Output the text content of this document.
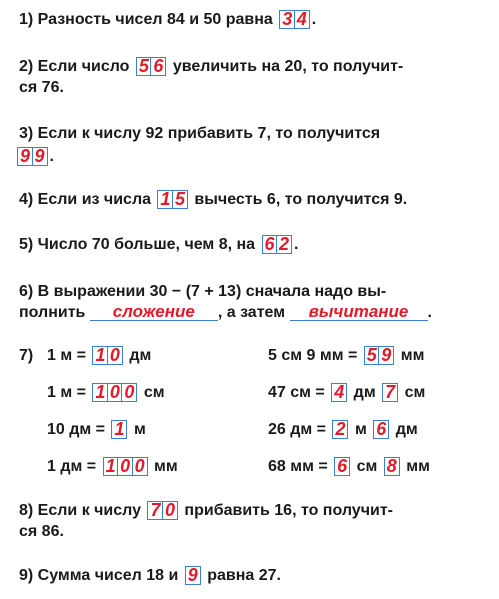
1) Разность чисел 84 и 50 равна 3 4 .
2) Если число 5 6 увеличить на 20, то получит-
ся 76.
3) Если к числу 92 прибавить 7, то получится
9 9 .
4) Если из числа 1 5 вычесть 6, то получится 9.
5) Число 70 больше, чем 8, на 6 2 .
6) В выражении 30 − (7 + 13) сначала надо вы-
полнить сложение , а затем вычитание .
7) 1 м = 1 0 дм	5 см 9 мм = 5 9 мм
1 м = 1 0 0 см	47 см = 4 дм 7 см
10 дм = 1 м	26 дм = 2 м 6 дм
1 дм = 1 0 0 мм	68 мм = 6 см 8 мм
8) Если к числу 7 0 прибавить 16, то получит-
ся 86.
9) Сумма чисел 18 и 9 равна 27.
